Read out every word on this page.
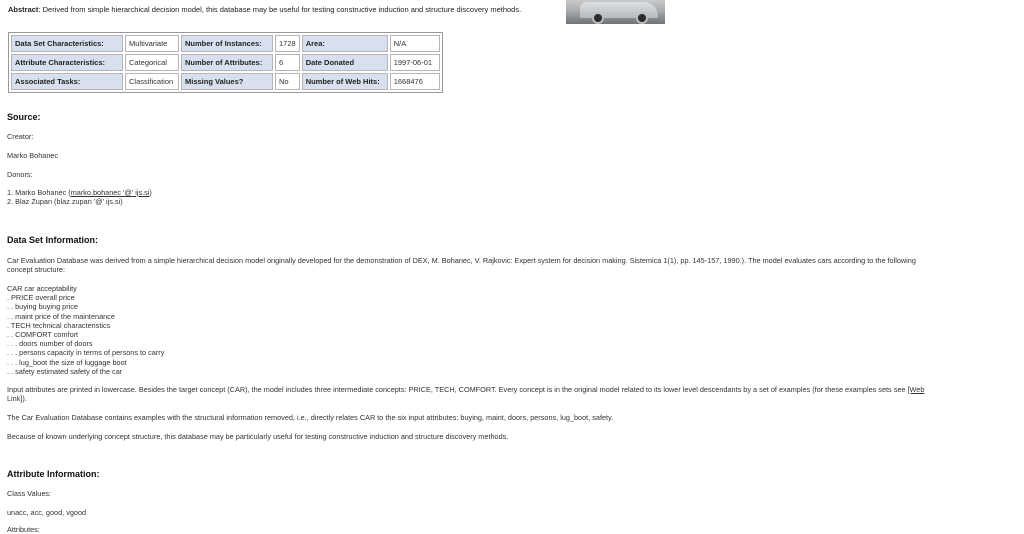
Abstract: Derived from simple hierarchical decision model, this database may be useful for testing constructive induction and structure discovery methods.
Data Set Characteristics:	Multivariate	Number of Instances:	1728	Area:	N/A
Attribute Characteristics:	Categorical	Number of Attributes:	6	Date Donated	1997-06-01
Associated Tasks:	Classification	Missing Values?	No	Number of Web Hits:	1668476
Source:
Creator:
Marko Bohanec
Donors:
1. Marko Bohanec (marko.bohanec '@' ijs.si)
2. Blaz Zupan (blaz.zupan '@' ijs.si)
Data Set Information:
Car Evaluation Database was derived from a simple hierarchical decision model originally developed for the demonstration of DEX, M. Bohanec, V. Rajkovic: Expert system for decision making. Sistemica 1(1), pp. 145-157, 1990.). The model evaluates cars according to the following
concept structure:
CAR car acceptability
. PRICE overall price
. . buying buying price
. . maint price of the maintenance
. TECH technical characteristics
. . COMFORT comfort
. . . doors number of doors
. . . persons capacity in terms of persons to carry
. . . lug_boot the size of luggage boot
. . safety estimated safety of the car
Input attributes are printed in lowercase. Besides the target concept (CAR), the model includes three intermediate concepts: PRICE, TECH, COMFORT. Every concept is in the original model related to its lower level descendants by a set of examples (for these examples sets see [Web
Link]).
The Car Evaluation Database contains examples with the structural information removed, i.e., directly relates CAR to the six input attributes: buying, maint, doors, persons, lug_boot, safety.
Because of known underlying concept structure, this database may be particularly useful for testing constructive induction and structure discovery methods.
Attribute Information:
Class Values:
unacc, acc, good, vgood
Attributes:
